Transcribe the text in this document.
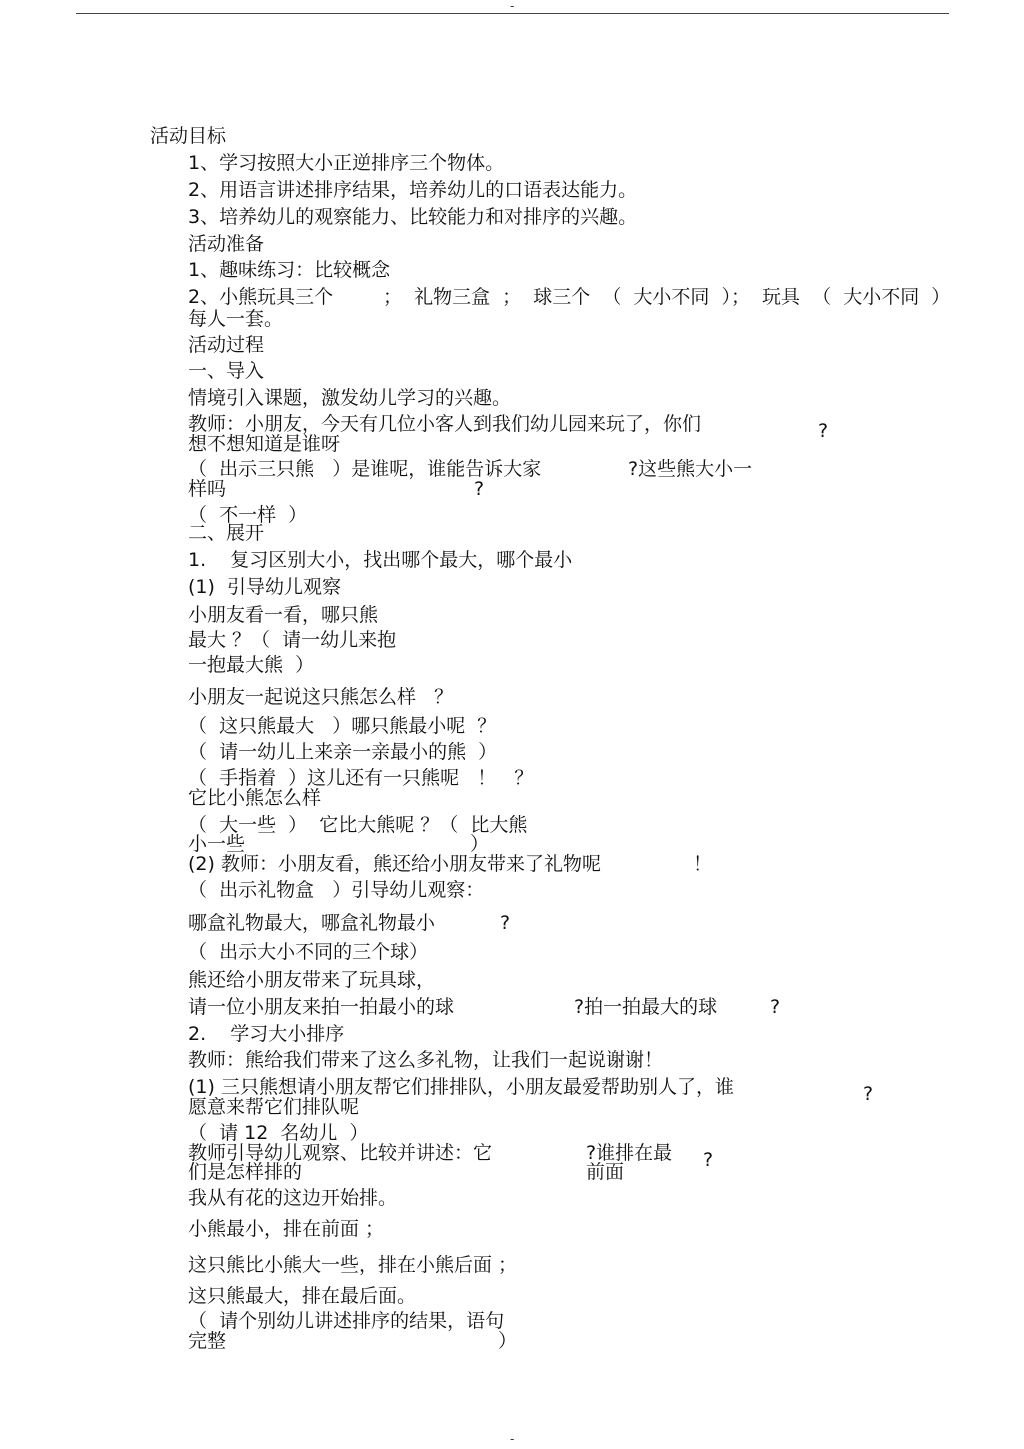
-
活动目标
1、学习按照大小正逆排序三个物体。
2、用语言讲述排序结果，培养幼儿的口语表达能力。
3、培养幼儿的观察能力、比较能力和对排序的兴趣。
活动准备
1、趣味练习：比较概念
2、小熊玩具三个	；  礼物三盒  ；  球三个  （  大小不同  ）；  玩具  （  大小不同  ）
每人一套。
活动过程
一、导入
情境引入课题，激发幼儿学习的兴趣。
教师：小朋友，今天有几位小客人到我们幼儿园来玩了，你们	?
想不想知道是谁呀
（  出示三只熊   ）是谁呢，谁能告诉大家	?这些熊大小一
样吗	?
（  不一样  ）
二、展开
1.    复习区别大小，找出哪个最大，哪个最小
(1)  引导幼儿观察
小朋友看一看，哪只熊
最大 ？（  请一幼儿来抱
一抱最大熊  ）
小朋友一起说这只熊怎么样   ？
（  这只熊最大   ）哪只熊最小呢  ？
（  请一幼儿上来亲一亲最小的熊  ）
（  手指着  ）这儿还有一只熊呢   ！   ？
它比小熊怎么样
（  大一些  ）  它比大熊呢 ？（  比大熊
小一些	）
(2) 教师：小朋友看，熊还给小朋友带来了礼物呢	！
（  出示礼物盒   ）引导幼儿观察：
哪盒礼物最大，哪盒礼物最小	?
（  出示大小不同的三个球）
熊还给小朋友带来了玩具球，
请一位小朋友来拍一拍最小的球	?拍一拍最大的球	?
2.    学习大小排序
教师：熊给我们带来了这么多礼物，让我们一起说谢谢！
(1) 三只熊想请小朋友帮它们排排队，小朋友最爱帮助别人了，谁	?
愿意来帮它们排队呢
（  请 12  名幼儿  ）
教师引导幼儿观察、比较并讲述：它	?谁排在最
们是怎样排的	前面
?
我从有花的这边开始排。
小熊最小，排在前面 ；
这只熊比小熊大一些，排在小熊后面 ；
这只熊最大，排在最后面。
（  请个别幼儿讲述排序的结果，语句
完整	）
-
